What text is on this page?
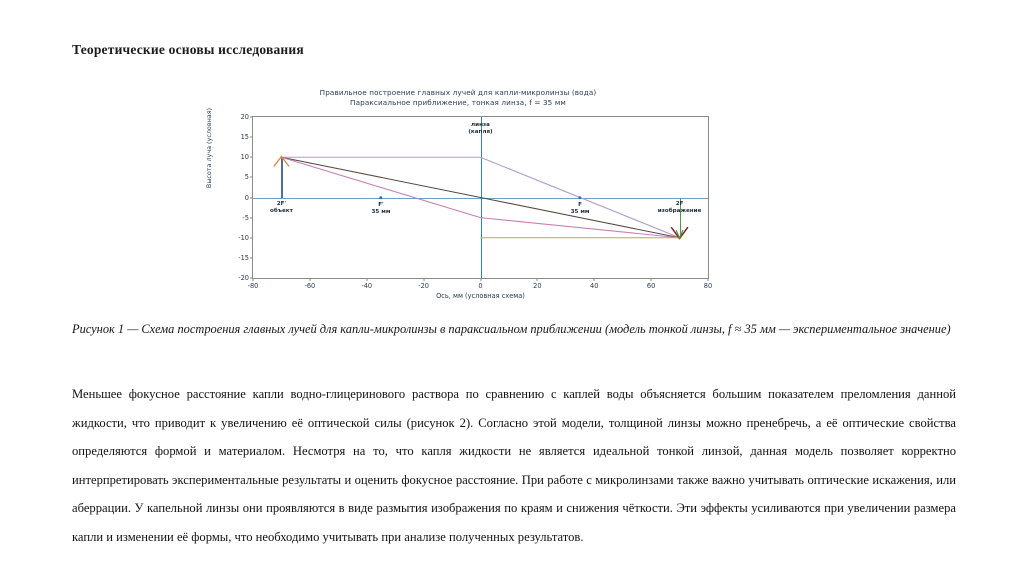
Теоретические основы исследования
Правильное построение главных лучей для капли-микролинзы (вода)
Параксиальное приближение, тонкая линза, f = 35 мм
Высота луча (условная)
Ось, мм (условная схема)
-80	-60	-40	-20	0	20	40	60	80
20
15
10
5
0
-5
-10
-15
-20
линза
(капля)
2F'
объект
F'
35 мм
F
35 мм
2F
изображение
Рисунок 1 — Схема построения главных лучей для капли-микролинзы в параксиальном приближении (модель тонкой линзы, f ≈ 35 мм — экспериментальное значение)
Меньшее фокусное расстояние капли водно-глицеринового раствора по сравнению с каплей воды объясняется большим показателем преломления данной жидкости, что приводит к увеличению её оптической силы (рисунок 2). Согласно этой модели, толщиной линзы можно пренебречь, а её оптические свойства определяются формой и материалом. Несмотря на то, что капля жидкости не является идеальной тонкой линзой, данная модель позволяет корректно интерпретировать экспериментальные результаты и оценить фокусное расстояние. При работе с микролинзами также важно учитывать оптические искажения, или аберрации. У капельной линзы они проявляются в виде размытия изображения по краям и снижения чёткости. Эти эффекты усиливаются при увеличении размера капли и изменении её формы, что необходимо учитывать при анализе полученных результатов.
